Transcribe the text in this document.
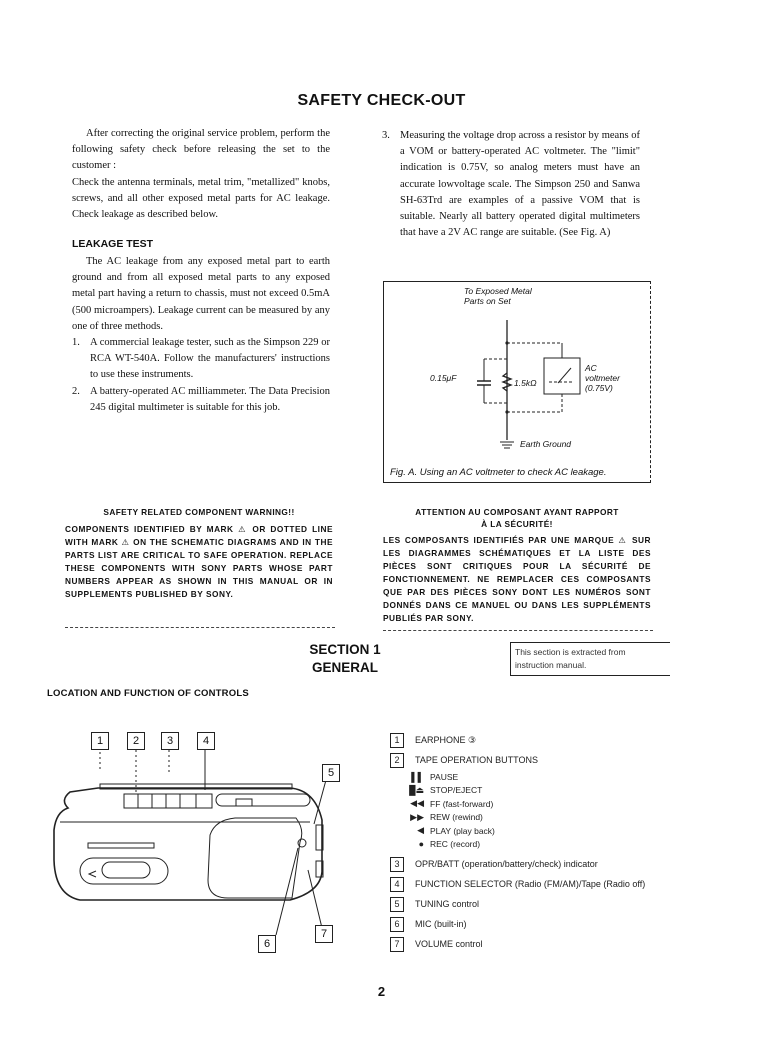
SAFETY CHECK-OUT

After correcting the original service problem, perform the following safety check before releasing the set to the customer :

Check the antenna terminals, metal trim, "metallized" knobs, screws, and all other exposed metal parts for AC leakage. Check leakage as described below.

LEAKAGE TEST

The AC leakage from any exposed metal part to earth ground and from all exposed metal parts to any exposed metal part having a return to chassis, must not exceed 0.5mA (500 microampers). Leakage current can be measured by any one of three methods.

1. A commercial leakage tester, such as the Simpson 229 or RCA WT-540A. Follow the manufacturers' instructions to use these instruments.
2. A battery-operated AC milliammeter. The Data Precision 245 digital multimeter is suitable for this job.
3. Measuring the voltage drop across a resistor by means of a VOM or battery-operated AC voltmeter. The "limit" indication is 0.75V, so analog meters must have an accurate lowvoltage scale. The Simpson 250 and Sanwa SH-63Trd are examples of a passive VOM that is suitable. Nearly all battery operated digital multimeters that have a 2V AC range are suitable. (See Fig. A)
To Exposed Metal
Parts on Set
0.15μF	1.5kΩ
AC
voltmeter
(0.75V)
Earth Ground
Fig. A. Using an AC voltmeter to check AC leakage.
SAFETY RELATED COMPONENT WARNING!!
COMPONENTS IDENTIFIED BY MARK ⚠ OR DOTTED LINE WITH MARK ⚠ ON THE SCHEMATIC DIAGRAMS AND IN THE PARTS LIST ARE CRITICAL TO SAFE OPERATION. REPLACE THESE COMPONENTS WITH SONY PARTS WHOSE PART NUMBERS APPEAR AS SHOWN IN THIS MANUAL OR IN SUPPLEMENTS PUBLISHED BY SONY.
ATTENTION AU COMPOSANT AYANT RAPPORT
À LA SÉCURITÉ!
LES COMPOSANTS IDENTIFIÉS PAR UNE MARQUE ⚠ SUR LES DIAGRAMMES SCHÉMATIQUES ET LA LISTE DES PIÈCES SONT CRITIQUES POUR LA SÉCURITÉ DE FONCTIONNEMENT. NE REMPLACER CES COMPOSANTS QUE PAR DES PIÈCES SONY DONT LES NUMÉROS SONT DONNÉS DANS CE MANUEL OU DANS LES SUPPLÉMENTS PUBLIÉS PAR SONY.
SECTION 1
GENERAL
This section is extracted from instruction manual.
LOCATION AND FUNCTION OF CONTROLS
1	2	3	4
5
6
7
1	EARPHONE ③
2	TAPE OPERATION BUTTONS
▌▌ PAUSE
█⏏ STOP/EJECT
◀◀ FF (fast-forward)
▶▶ REW (rewind)
◀ PLAY (play back)
● REC (record)
3	OPR/BATT (operation/battery/check) indicator
4	FUNCTION SELECTOR (Radio (FM/AM)/Tape (Radio off)
5	TUNING control
6	MIC (built-in)
7	VOLUME control
2
